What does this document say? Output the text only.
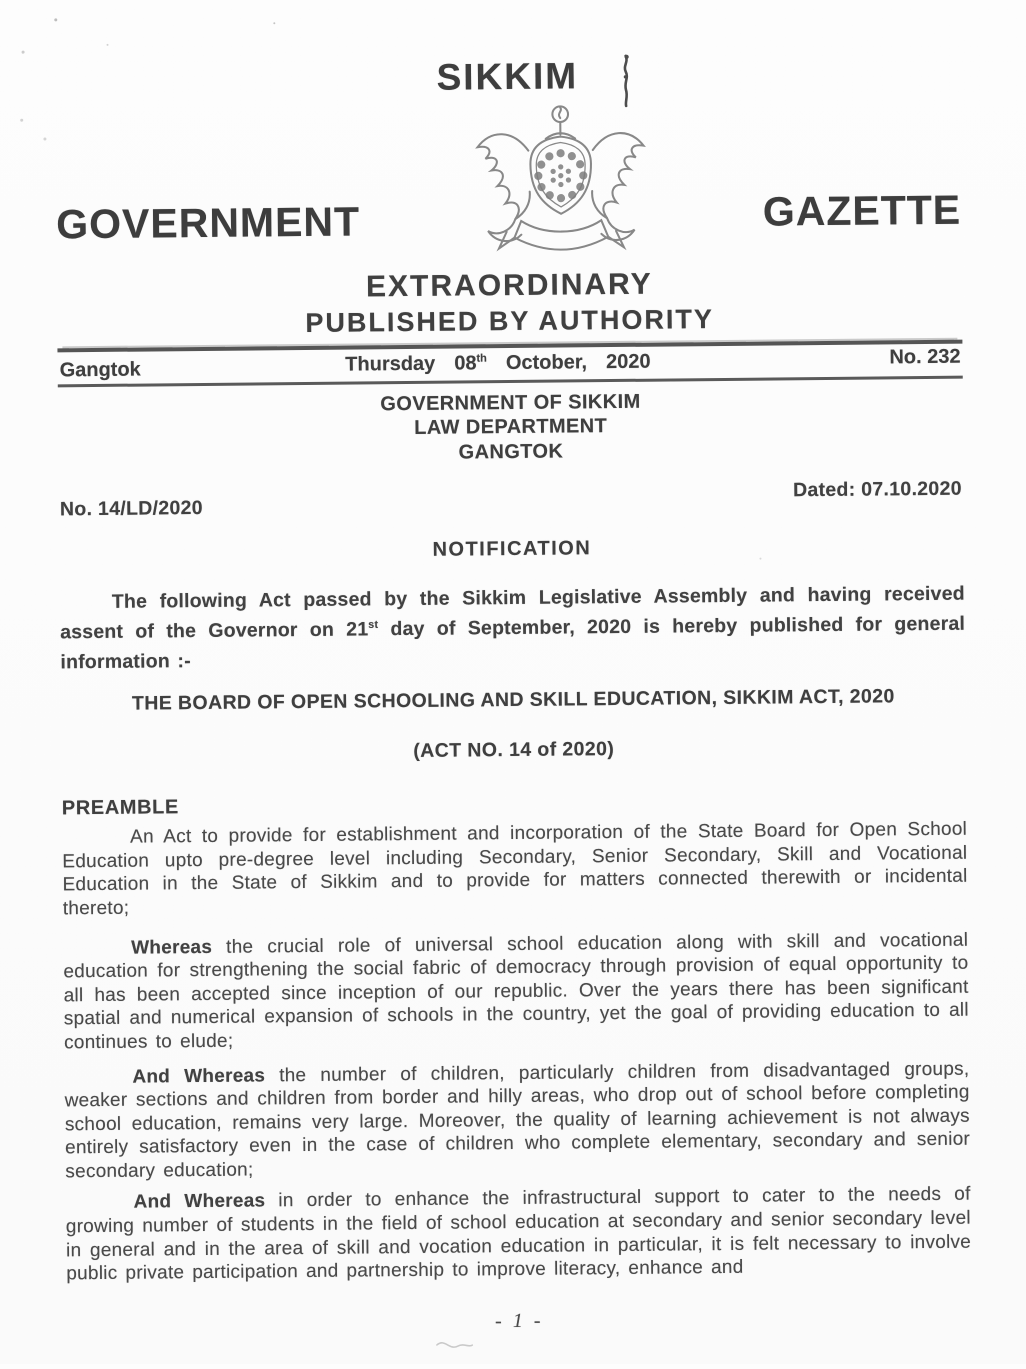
SIKKIM
GOVERNMENT	GAZETTE
EXTRAORDINARY
PUBLISHED BY AUTHORITY
Gangtok	Thursday 08th October, 2020	No. 232
GOVERNMENT OF SIKKIM
LAW DEPARTMENT
GANGTOK
No. 14/LD/2020
Dated: 07.10.2020
NOTIFICATION

The following Act passed by the Sikkim Legislative Assembly and having received assent of the Governor on 21st day of September, 2020 is hereby published for general information :-

THE BOARD OF OPEN SCHOOLING AND SKILL EDUCATION, SIKKIM ACT, 2020
(ACT NO. 14 of 2020)
PREAMBLE

An Act to provide for establishment and incorporation of the State Board for Open School Education upto pre-degree level including Secondary, Senior Secondary, Skill and Vocational Education in the State of Sikkim and to provide for matters connected therewith or incidental thereto;

Whereas the crucial role of universal school education along with skill and vocational education for strengthening the social fabric of democracy through provision of equal opportunity to all has been accepted since inception of our republic. Over the years there has been significant spatial and numerical expansion of schools in the country, yet the goal of providing education to all continues to elude;

And Whereas the number of children, particularly children from disadvantaged groups, weaker sections and children from border and hilly areas, who drop out of school before completing school education, remains very large. Moreover, the quality of learning achievement is not always entirely satisfactory even in the case of children who complete elementary, secondary and senior secondary education;

And Whereas in order to enhance the infrastructural support to cater to the needs of growing number of students in the field of school education at secondary and senior secondary level in general and in the area of skill and vocation education in particular, it is felt necessary to involve public private participation and partnership to improve literacy, enhance and

- 1 -
